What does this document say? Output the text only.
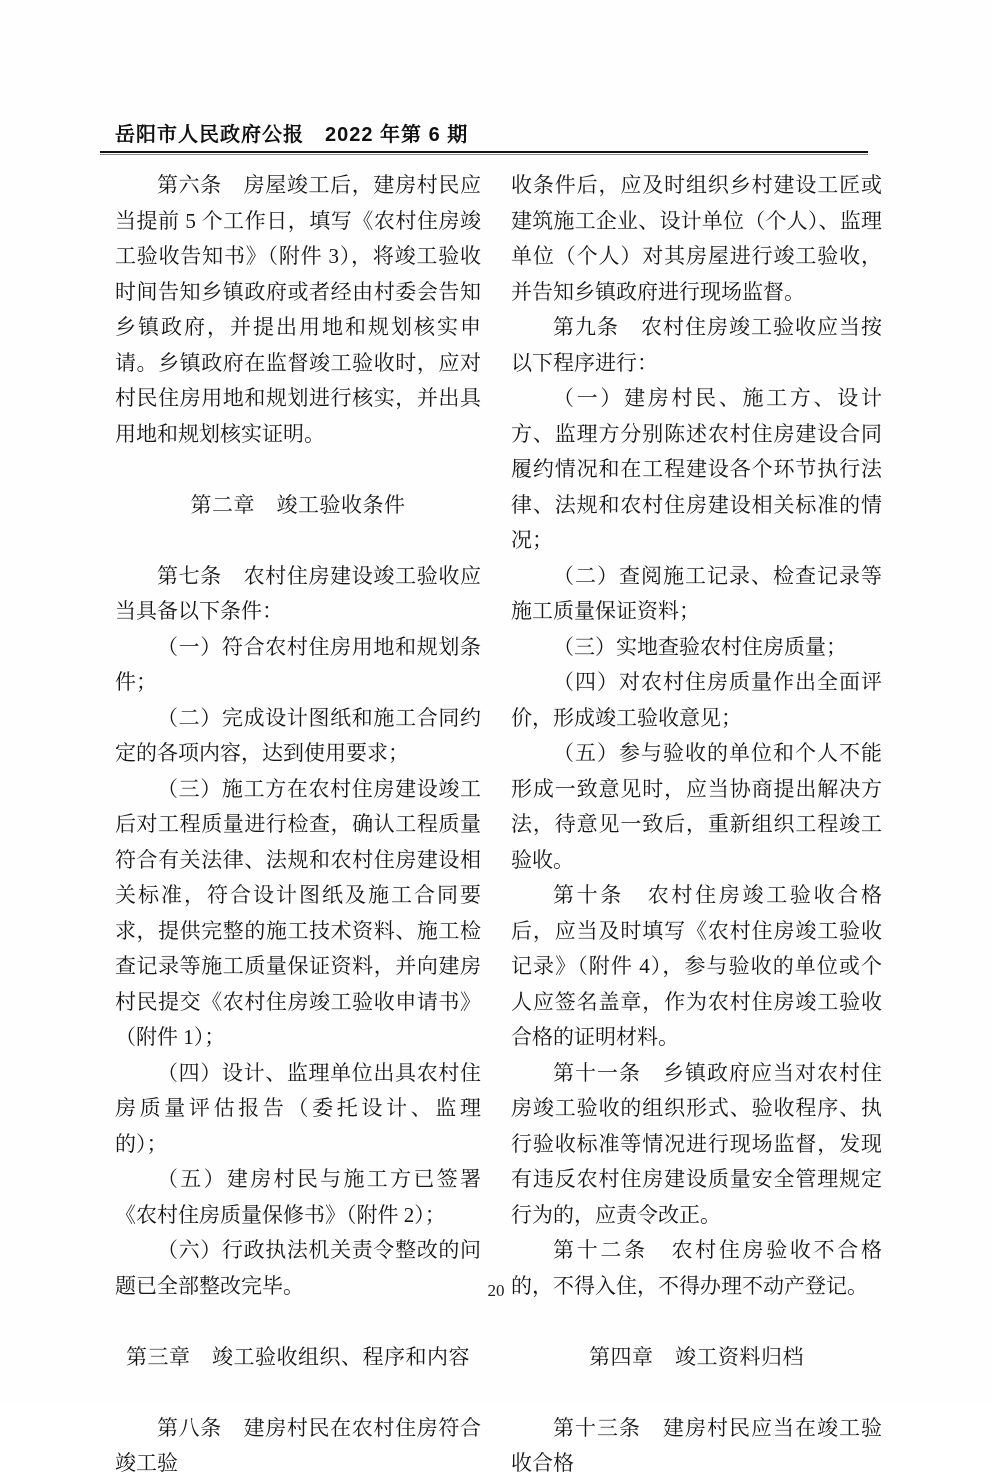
岳阳市人民政府公报　2022 年第 6 期

第六条　房屋竣工后，建房村民应当提前 5 个工作日，填写《农村住房竣工验收告知书》（附件 3），将竣工验收时间告知乡镇政府或者经由村委会告知乡镇政府，并提出用地和规划核实申请。乡镇政府在监督竣工验收时，应对村民住房用地和规划进行核实，并出具用地和规划核实证明。

第二章　竣工验收条件

第七条　农村住房建设竣工验收应当具备以下条件：

（一）符合农村住房用地和规划条件；

（二）完成设计图纸和施工合同约定的各项内容，达到使用要求；

（三）施工方在农村住房建设竣工后对工程质量进行检查，确认工程质量符合有关法律、法规和农村住房建设相关标准，符合设计图纸及施工合同要求，提供完整的施工技术资料、施工检查记录等施工质量保证资料，并向建房村民提交《农村住房竣工验收申请书》（附件 1）；

（四）设计、监理单位出具农村住房质量评估报告（委托设计、监理的）；

（五）建房村民与施工方已签署《农村住房质量保修书》（附件 2）；

（六）行政执法机关责令整改的问题已全部整改完毕。

第三章　竣工验收组织、程序和内容

第八条　建房村民在农村住房符合竣工验

收条件后，应及时组织乡村建设工匠或建筑施工企业、设计单位（个人）、监理单位（个人）对其房屋进行竣工验收，并告知乡镇政府进行现场监督。

第九条　农村住房竣工验收应当按以下程序进行：

（一）建房村民、施工方、设计方、监理方分别陈述农村住房建设合同履约情况和在工程建设各个环节执行法律、法规和农村住房建设相关标准的情况；

（二）查阅施工记录、检查记录等施工质量保证资料；

（三）实地查验农村住房质量；

（四）对农村住房质量作出全面评价，形成竣工验收意见；

（五）参与验收的单位和个人不能形成一致意见时，应当协商提出解决方法，待意见一致后，重新组织工程竣工验收。

第十条　农村住房竣工验收合格后，应当及时填写《农村住房竣工验收记录》（附件 4），参与验收的单位或个人应签名盖章，作为农村住房竣工验收合格的证明材料。

第十一条　乡镇政府应当对农村住房竣工验收的组织形式、验收程序、执行验收标准等情况进行现场监督，发现有违反农村住房建设质量安全管理规定行为的，应责令改正。

第十二条　农村住房验收不合格的，不得入住，不得办理不动产登记。

第四章　竣工资料归档

第十三条　建房村民应当在竣工验收合格

20
